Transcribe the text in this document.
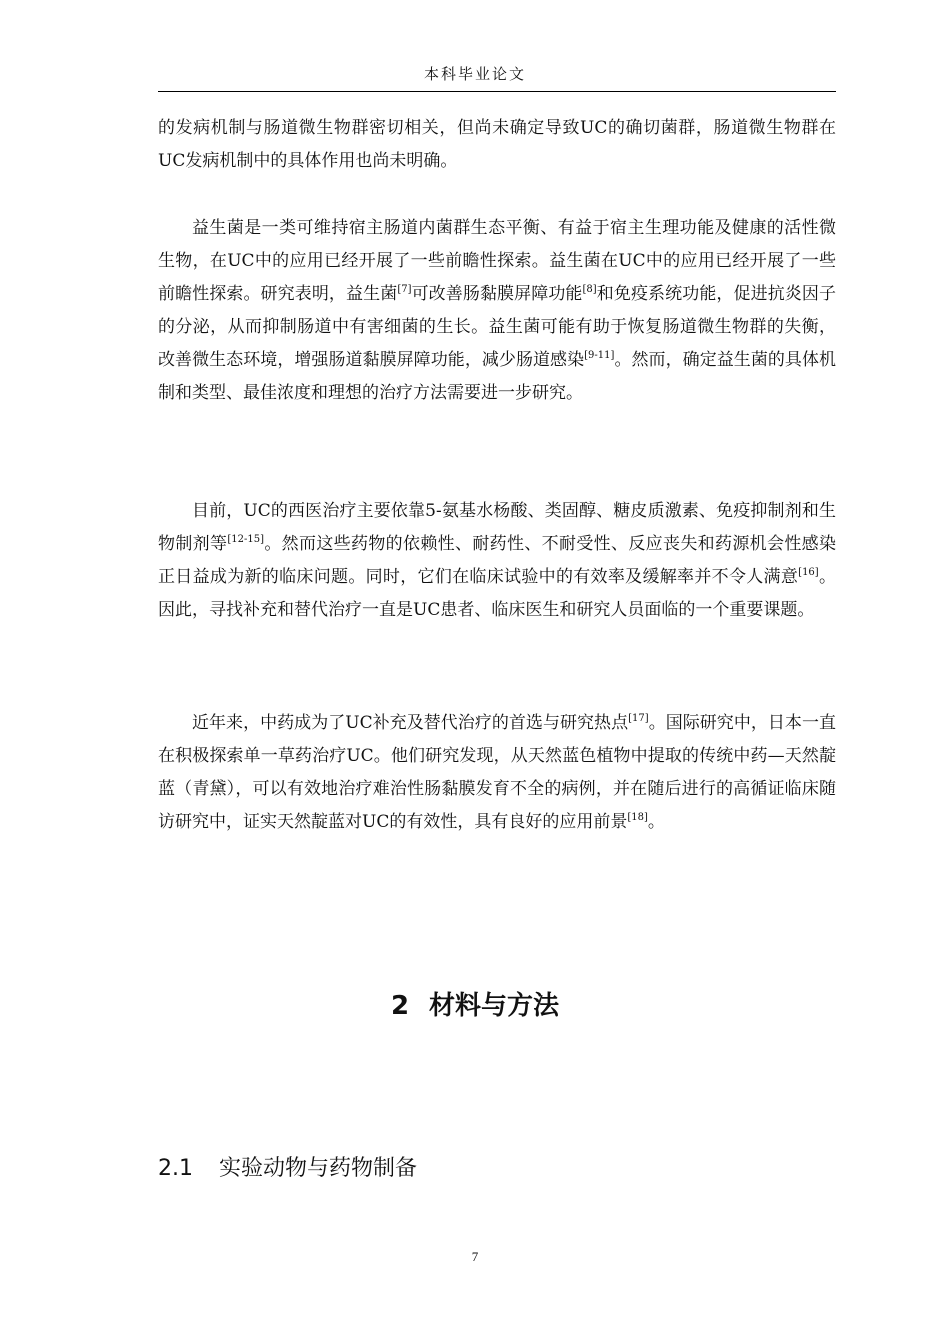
本科毕业论文

的发病机制与肠道微生物群密切相关，但尚未确定导致UC的确切菌群，肠道微生物群在UC发病机制中的具体作用也尚未明确。

益生菌是一类可维持宿主肠道内菌群生态平衡、有益于宿主生理功能及健康的活性微生物，在UC中的应用已经开展了一些前瞻性探索。益生菌在UC中的应用已经开展了一些前瞻性探索。研究表明，益生菌[7]可改善肠黏膜屏障功能[8]和免疫系统功能，促进抗炎因子的分泌，从而抑制肠道中有害细菌的生长。益生菌可能有助于恢复肠道微生物群的失衡，改善微生态环境，增强肠道黏膜屏障功能，减少肠道感染[9-11]。然而，确定益生菌的具体机制和类型、最佳浓度和理想的治疗方法需要进一步研究。

目前，UC的西医治疗主要依靠5-氨基水杨酸、类固醇、糖皮质激素、免疫抑制剂和生物制剂等[12-15]。然而这些药物的依赖性、耐药性、不耐受性、反应丧失和药源机会性感染正日益成为新的临床问题。同时，它们在临床试验中的有效率及缓解率并不令人满意[16]。因此，寻找补充和替代治疗一直是UC患者、临床医生和研究人员面临的一个重要课题。

近年来，中药成为了UC补充及替代治疗的首选与研究热点[17]。国际研究中，日本一直在积极探索单一草药治疗UC。他们研究发现，从天然蓝色植物中提取的传统中药—天然靛蓝（青黛），可以有效地治疗难治性肠黏膜发育不全的病例，并在随后进行的高循证临床随访研究中，证实天然靛蓝对UC的有效性，具有良好的应用前景[18]。

2 材料与方法
2.1 实验动物与药物制备
7
